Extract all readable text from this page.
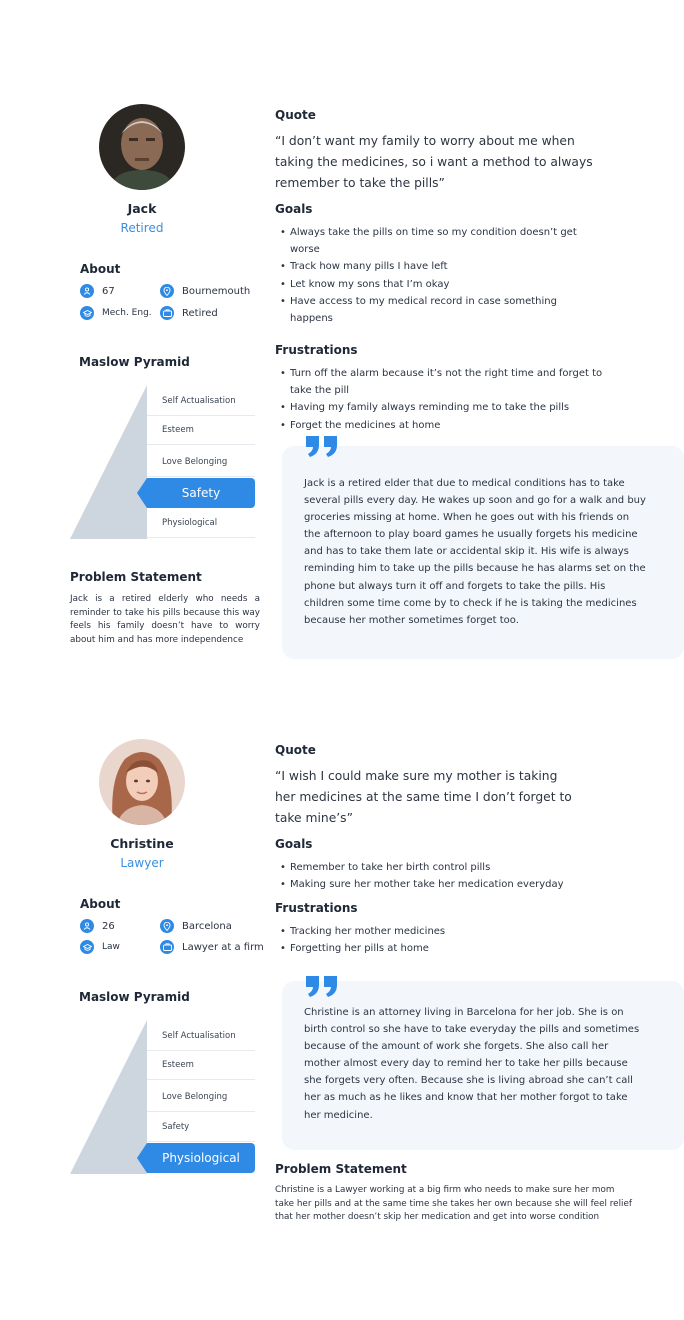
Jack
Retired
About
67	Bournemouth
Mech. Eng.	Retired
Maslow Pyramid
Self Actualisation
Esteem
Love Belonging
Safety
Physiological
Problem Statement
Jack is a retired elderly who needs a reminder to take his pills because this way feels his family doesn’t have to worry about him and has more independence
Quote
“I don’t want my family to worry about me when taking the medicines, so i want a method to always remember to take the pills”
Goals
• Always take the pills on time so my condition doesn’t get worse
• Track how many pills I have left
• Let know my sons that I’m okay
• Have access to my medical record in case something happens
Frustrations
• Turn off the alarm because it’s not the right time and forget to take the pill
• Having my family always reminding me to take the pills
• Forget the medicines at home
Jack is a retired elder that due to medical conditions has to take several pills every day. He wakes up soon and go for a walk and buy groceries missing at home. When he goes out with his friends on the afternoon to play board games he usually forgets his medicine and has to take them late or accidental skip it. His wife is always reminding him to take up the pills because he has alarms set on the phone but always turn it off and forgets to take the pills. His children some time come by to check if he is taking the medicines because her mother sometimes forget too.
Christine
Lawyer
About
26	Barcelona
Law	Lawyer at a firm
Maslow Pyramid
Self Actualisation
Esteem
Love Belonging
Safety
Physiological
Quote
“I wish I could make sure my mother is taking her medicines at the same time I don’t forget to take mine’s”
Goals
• Remember to take her birth control pills
• Making sure her mother take her medication everyday
Frustrations
• Tracking her mother medicines
• Forgetting her pills at home
Christine is an attorney living in Barcelona for her job. She is on birth control so she have to take everyday the pills and sometimes because of the amount of work she forgets. She also call her mother almost every day to remind her to take her pills because she forgets very often. Because she is living abroad she can’t call her as much as he likes and know that her mother forgot to take her medicine.
Problem Statement
Christine is a Lawyer working at a big firm who needs to make sure her mom take her pills and at the same time she takes her own because she will feel relief that her mother doesn’t skip her medication and get into worse condition
